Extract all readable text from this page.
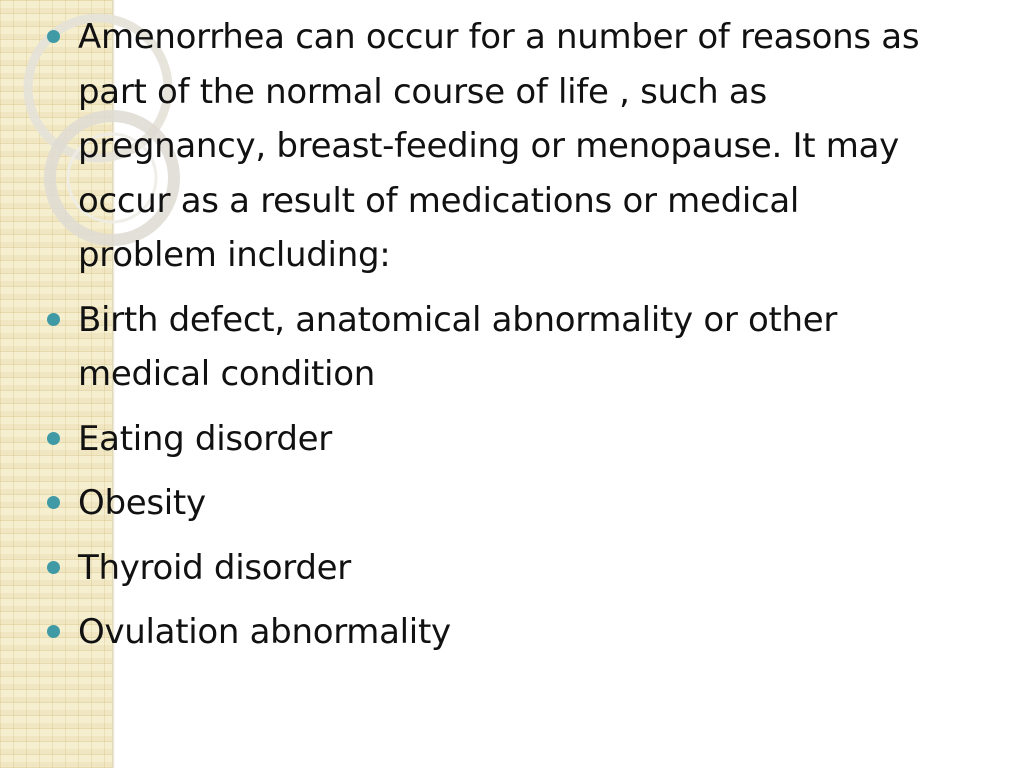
Amenorrhea can occur for a number of reasons as part of the normal course of life , such as pregnancy, breast-feeding or menopause. It may occur as a result of medications or medical problem including:
Birth defect, anatomical abnormality or other medical condition
Eating disorder
Obesity
Thyroid disorder
Ovulation abnormality
